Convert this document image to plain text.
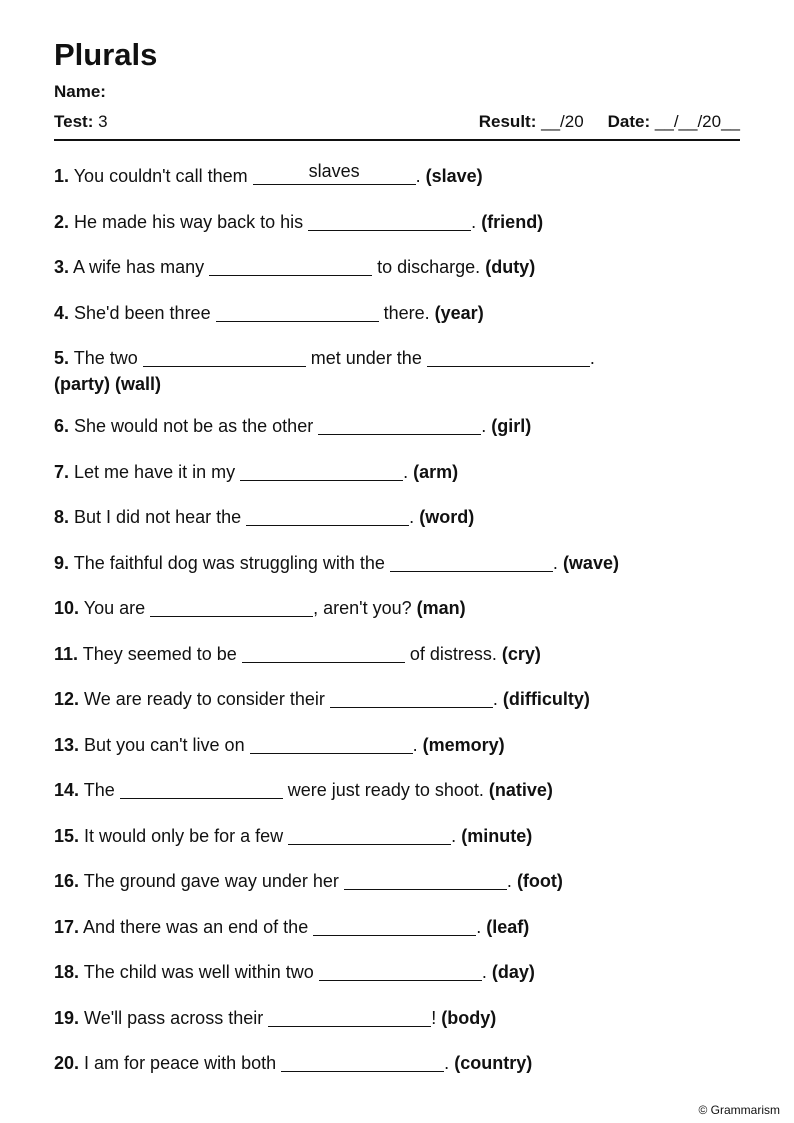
Plurals
Name:
Test: 3	Result: __/20 Date: __/__/20__
1. You couldn't call them	slaves	. (slave)
2. He made his way back to his	. (friend)
3. A wife has many	to discharge. (duty)
4. She'd been three	there. (year)
5. The two	met under the	.
(party) (wall)
6. She would not be as the other	. (girl)
7. Let me have it in my	. (arm)
8. But I did not hear the	. (word)
9. The faithful dog was struggling with the	. (wave)
10. You are	, aren't you? (man)
11. They seemed to be	of distress. (cry)
12. We are ready to consider their	. (difficulty)
13. But you can't live on	. (memory)
14. The	were just ready to shoot. (native)
15. It would only be for a few	. (minute)
16. The ground gave way under her	. (foot)
17. And there was an end of the	. (leaf)
18. The child was well within two	. (day)
19. We'll pass across their	! (body)
20. I am for peace with both	. (country)
© Grammarism
